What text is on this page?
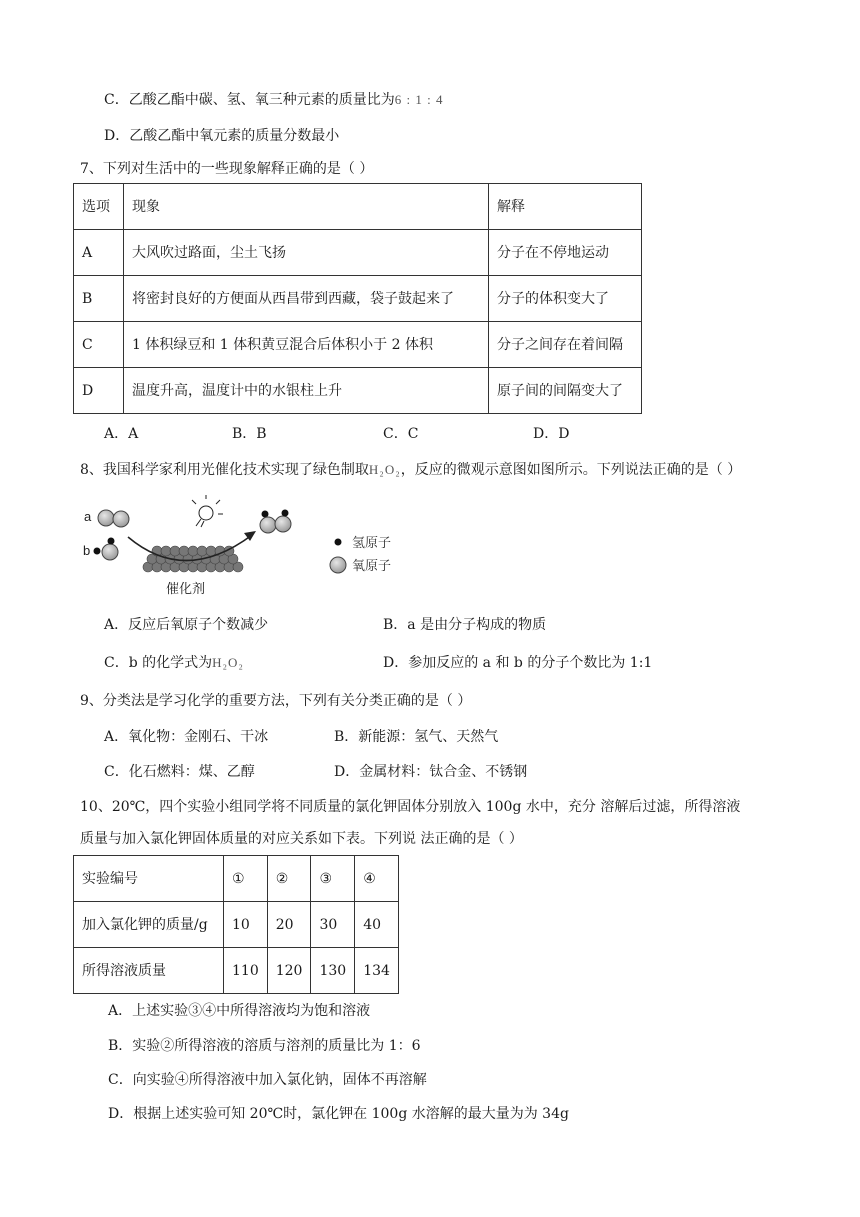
C．乙酸乙酯中碳、氢、氧三种元素的质量比为6 : 1 : 4
D．乙酸乙酯中氧元素的质量分数最小
7、下列对生活中的一些现象解释正确的是（ ）
选项	现象	解释
A	大风吹过路面，尘土飞扬	分子在不停地运动
B	将密封良好的方便面从西昌带到西藏，袋子鼓起来了	分子的体积变大了
C	1 体积绿豆和 1 体积黄豆混合后体积小于 2 体积	分子之间存在着间隔
D	温度升高，温度计中的水银柱上升	原子间的间隔变大了
A．A	B．B	C．C	D．D
8、我国科学家利用光催化技术实现了绿色制取H₂O₂，反应的微观示意图如图所示。下列说法正确的是（ ）
a
b
催化剂
氢原子
氧原子
A．反应后氧原子个数减少	B．a 是由分子构成的物质
C．b 的化学式为H₂O₂	D．参加反应的 a 和 b 的分子个数比为 1:1
9、分类法是学习化学的重要方法，下列有关分类正确的是（ ）
A．氧化物：金刚石、干冰	B．新能源：氢气、天然气
C．化石燃料：煤、乙醇	D．金属材料：钛合金、不锈钢
10、20℃，四个实验小组同学将不同质量的氯化钾固体分别放入 100g 水中，充分 溶解后过滤，所得溶液
质量与加入氯化钾固体质量的对应关系如下表。下列说 法正确的是（ ）
实验编号	①	②	③	④
加入氯化钾的质量/g	10	20	30	40
所得溶液质量	110	120	130	134
A．上述实验③④中所得溶液均为饱和溶液
B．实验②所得溶液的溶质与溶剂的质量比为 1：6
C．向实验④所得溶液中加入氯化钠，固体不再溶解
D．根据上述实验可知 20℃时，氯化钾在 100g 水溶解的最大量为为 34g
